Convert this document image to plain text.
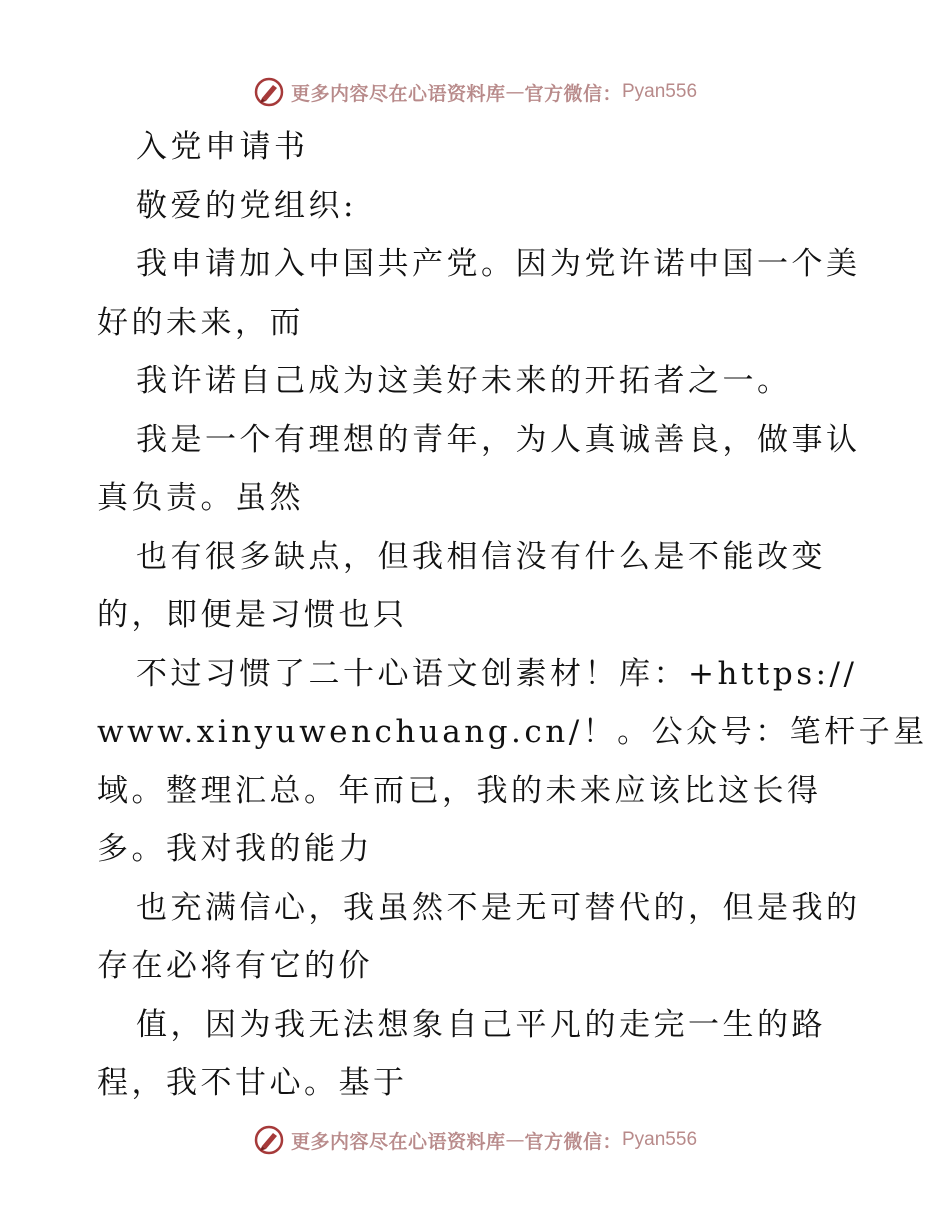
更多内容尽在心语资料库 — 官方微信： Pyan556
入党申请书
敬爱的党组织:
我申请加入中国共产党。因为党许诺中国一个美
好的未来，而
我许诺自己成为这美好未来的开拓者之一。
我是一个有理想的青年，为人真诚善良，做事认
真负责。虽然
也有很多缺点，但我相信没有什么是不能改变
的，即便是习惯也只
不过习惯了二十心语文创素材！库：+https://
www.xinyuwenchuang.cn/！。公众号：笔杆子星
域。整理汇总。年而已，我的未来应该比这长得
多。我对我的能力
也充满信心，我虽然不是无可替代的，但是我的
存在必将有它的价
值，因为我无法想象自己平凡的走完一生的路
程，我不甘心。基于
更多内容尽在心语资料库 — 官方微信： Pyan556
